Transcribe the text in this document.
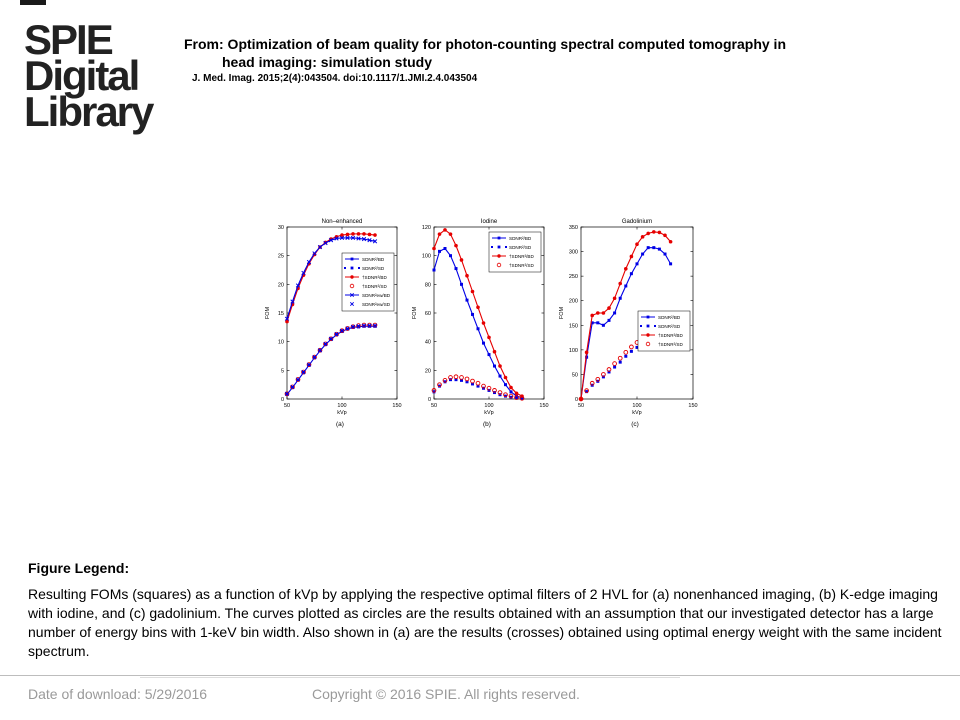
SPIE
Digital
Library
From: Optimization of beam quality for photon-counting spectral computed tomography in
head imaging: simulation study
J. Med. Imag. 2015;2(4):043504. doi:10.1117/1.JMI.2.4.043504
Non–enhanced
0
5
10
15
20
25
30
50	100	150
kVp
FOM
(a)
SDNR²/BD
SDNR²/SD
†SDNR²/BD
†SDNR²/SD
SDNR²ew/BD
SDNR²ew/SD
Iodine
0
20
40
60
80
100
120
50	100	150
kVp
FOM
(b)
SDNR²/BD
SDNR²/SD
†SDNR²/BD
†SDNR²/SD
Gadolinium
0
50
100
150
200
250
300
350
50	100	150
kVp
FOM
(c)
SDNR²/BD
SDNR²/SD
†SDNR²/BD
†SDNR²/SD
Figure Legend:
Resulting FOMs (squares) as a function of kVp by applying the respective optimal filters of 2 HVL for (a) nonenhanced imaging, (b) K-edge imaging with iodine, and (c) gadolinium. The curves plotted as circles are the results obtained with an assumption that our investigated detector has a large number of energy bins with 1-keV bin width. Also shown in (a) are the results (crosses) obtained using optimal energy weight with the same incident spectrum.
Date of download: 5/29/2016	Copyright © 2016 SPIE. All rights reserved.
